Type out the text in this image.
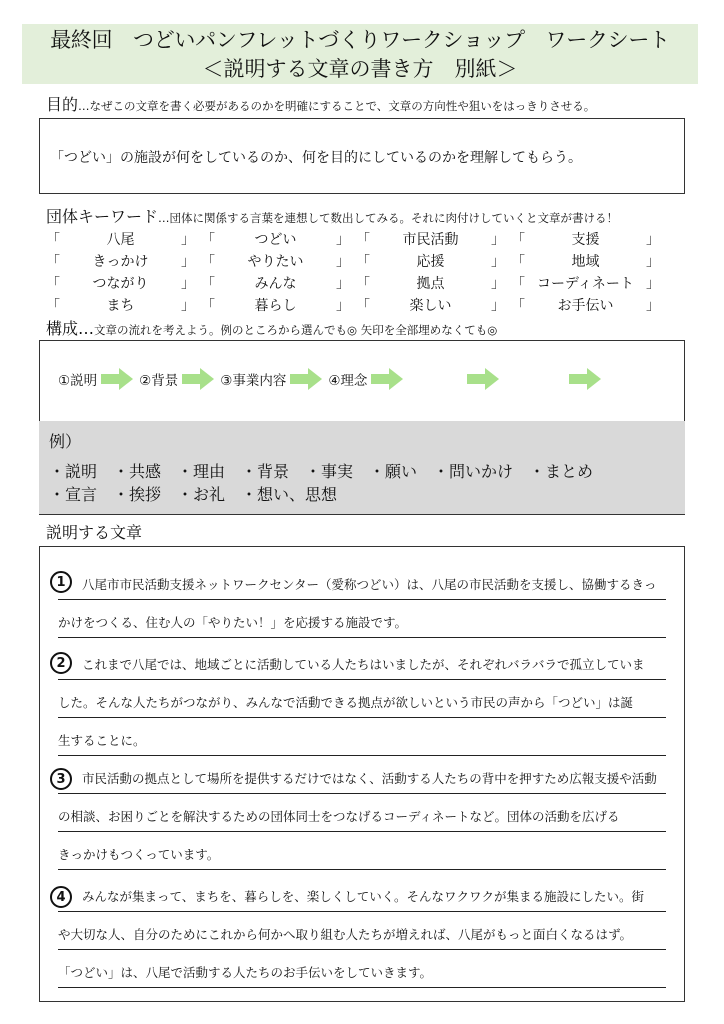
最終回　つどいパンフレットづくりワークショップ　ワークシート
＜説明する文章の書き方　別紙＞
目的…なぜこの文章を書く必要があるのかを明確にすることで、文章の方向性や狙いをはっきりさせる。
「つどい」の施設が何をしているのか、何を目的にしているのかを理解してもらう。
団体キーワード…団体に関係する言葉を連想して数出してみる。それに肉付けしていくと文章が書ける！
「	八尾	」 「	つどい	」 「	市民活動	」 「	支援	」
「	きっかけ	」 「	やりたい	」 「	応援	」 「	地域	」
「	つながり	」 「	みんな	」 「	拠点	」 「 コーディネート 」
「	まち	」 「	暮らし	」 「	楽しい	」 「	お手伝い	」
構成…文章の流れを考えよう。例のところから選んでも◎ 矢印を全部埋めなくても◎
①説明	②背景	③事業内容	④理念
例）
・説明　・共感　・理由　・背景　・事実　・願い　・問いかけ　・まとめ
・宣言　・挨拶　・お礼　・想い、思想
説明する文章
1	八尾市市民活動支援ネットワークセンター（愛称つどい）は、八尾の市民活動を支援し、協働するきっ
かけをつくる、住む人の「やりたい！」を応援する施設です。
2	これまで八尾では、地域ごとに活動している人たちはいましたが、それぞれバラバラで孤立していま
した。そんな人たちがつながり、みんなで活動できる拠点が欲しいという市民の声から「つどい」は誕
生することに。
3	市民活動の拠点として場所を提供するだけではなく、活動する人たちの背中を押すため広報支援や活動
の相談、お困りごとを解決するための団体同士をつなげるコーディネートなど。団体の活動を広げる
きっかけもつくっています。
4	みんなが集まって、まちを、暮らしを、楽しくしていく。そんなワクワクが集まる施設にしたい。街
や大切な人、自分のためにこれから何かへ取り組む人たちが増えれば、八尾がもっと面白くなるはず。
「つどい」は、八尾で活動する人たちのお手伝いをしていきます。
